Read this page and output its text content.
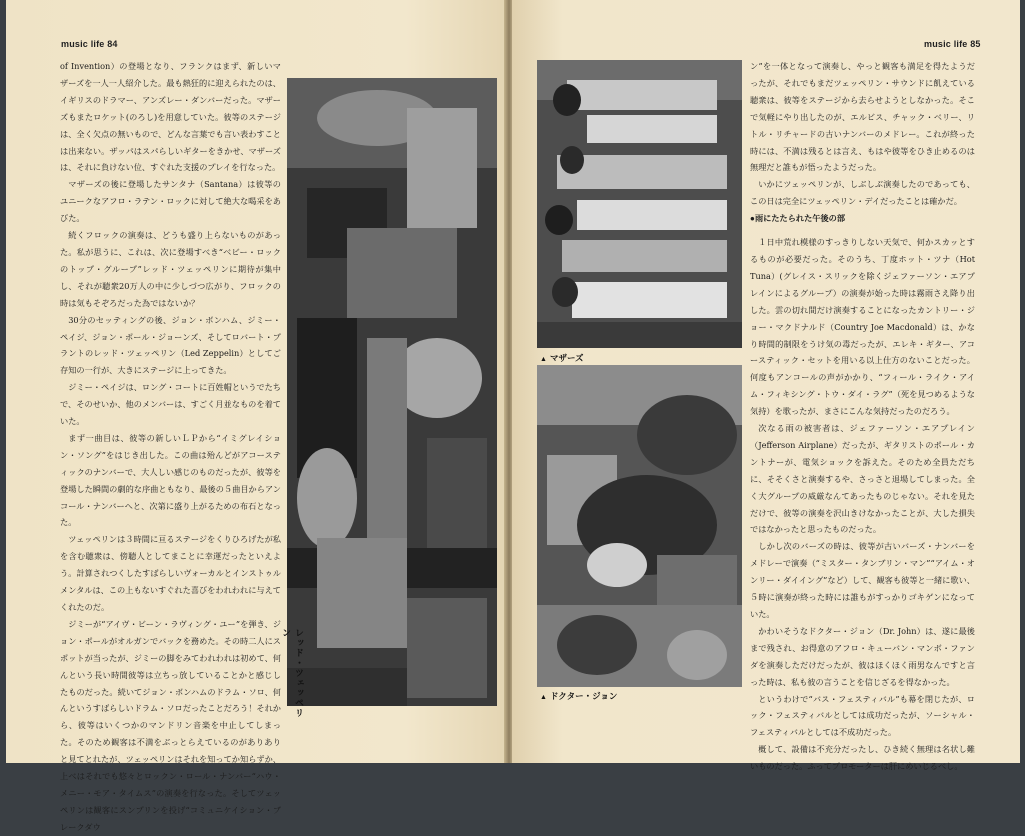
music life 84

of Invention）の登場となり、フランクはまず、新しいマザーズを一人一人紹介した。最も熱狂的に迎えられたのは、イギリスのドラマー、アンズレー・ダンバーだった。マザーズもまたロケット(のろし)を用意していた。彼等のステージは、全く欠点の無いもので、どんな言葉でも言い表わすことは出来ない。ザッパはスパらしいギターをきかせ、マザーズは、それに負けない位、すぐれた支援のプレイを行なった。

マザーズの後に登場したサンタナ（Santana）は彼等のユニークなアフロ・ラテン・ロックに対して絶大な喝采をあびた。

続くフロックの演奏は、どうも盛り上らないものがあった。私が思うに、これは、次に登場すべき“ベビー・ロックのトップ・グループ”レッド・ツェッペリンに期待が集中し、それが聴衆20万人の中に少しづつ広がり、フロックの時は気もそぞろだった為ではないか？

30分のセッティングの後、ジョン・ボンハム、ジミー・ペイジ、ジョン・ポール・ジョーンズ、そしてロバート・プラントのレッド・ツェッペリン（Led Zeppelin）としてご存知の一行が、大きにステージに上ってきた。

ジミー・ペイジは、ロング・コートに百姓帽というでたちで、そのせいか、他のメンバーは、すごく月並なものを着ていた。

まず一曲目は、彼等の新しいＬＰから“イミグレイション・ソング”をはじき出した。この曲は殆んどがアコースティックのナンバーで、大人しい感じのものだったが、彼等を登場した瞬間の劇的な序曲ともなり、最後の５曲目からアンコール・ナンバーへと、次第に盛り上がるための布石となった。

ツェッペリンは３時間に亘るステージをくりひろげたが私を含む聴衆は、傍聴人としてまことに幸運だったといえよう。計算されつくしたすばらしいヴォーカルとインストゥルメンタルは、この上もないすぐれた喜びをわれわれに与えてくれたのだ。

ジミーが“アイヴ・ビーン・ラヴィング・ユー”を弾き、ジョン・ポールがオルガンでバックを務めた。その時二人にスポットが当ったが、ジミーの脚をみてわれわれは初めて、何んという長い時間彼等は立ちっ放していることかと感じしたものだった。続いてジョン・ボンハムのドラム・ソロ、何んというすばらしいドラム・ソロだったことだろう！それから、彼等はいくつかのマンドリン音楽を中止してしまった。そのため観客は不満をぶっとらえているのがありありと見てとれたが、ツェッペリンはそれを知ってか知らずか、上べはそれでも悠々とロックン・ロール・ナンバー“ハウ・メニー・モア・タイムス”の演奏を行なった。そしてツェッペリンは観客にスンプリンを投げ“コミュニケイション・ブレークダウ

レッド・ツェッペリン
music life 85
▲ マザーズ
▲ ドクター・ジョン

ン”を一体となって演奏し、やっと観客も満足を得たようだったが、それでもまだツェッペリン・サウンドに飢えている聴衆は、彼等をステージから去らせようとしなかった。そこで気軽にやり出したのが、エルビス、チャック・ベリー、リトル・リチャードの古いナンバーのメドレー。これが終った時には、不満は残るとは言え、もはや彼等をひき止めるのは無理だと誰もが悟ったようだった。

いかにツェッペリンが、しぶしぶ演奏したのであっても、この日は完全にツェッペリン・デイだったことは確かだ。

●雨にたたられた午後の部

１日中荒れ模様のすっきりしない天気で、何かスカッとするものが必要だった。そのうち、丁度ホット・ツナ（Hot Tuna）(グレイス・スリックを除くジェファーソン・エアプレインによるグループ）の演奏が始った時は霧雨さえ降り出した。雲の切れ間だけ演奏することになったカントリー・ジョー・マクドナルド（Country Joe Macdonald）は、かなり時間的制限をうけ気の毒だったが、エレキ・ギター、アコースティック・セットを用いる以上仕方のないことだった。何度もアンコールの声がかかり、“フィール・ライク・アイム・フィキシング・トウ・ダイ・ラグ”（死を見つめるような気持）を歌ったが、まさにこんな気持だったのだろう。

次なる雨の被害者は、ジェファーソン・エアプレイン（Jefferson Airplane）だったが、ギタリストのポール・カントナーが、電気ショックを訴えた。そのため全員ただちに、そそくさと演奏するや、さっさと退場してしまった。全く大グループの威厳なんてあったものじゃない。それを見ただけで、彼等の演奏を沢山きけなかったことが、大した損失ではなかったと思ったものだった。

しかし次のバーズの時は、彼等が古いバーズ・ナンバーをメドレーで演奏（“ミスター・タンブリン・マン”“アイム・オンリー・ダイイング”など）して、観客も彼等と一緒に歌い、５時に演奏が終った時には誰もがすっかりゴキゲンになっていた。

かわいそうなドクター・ジョン（Dr. John）は、遂に最後まで残され、お得意のアフロ・キューバン・マンボ・ファンダを演奏しただけだったが、彼はほくほく雨男なんですと言った時は、私も彼の言うことを信じざるを得なかった。

というわけで“バス・フェスティバル”も幕を閉じたが、ロック・フェスティバルとしては成功だったが、ソーシャル・フェスティバルとしては不成功だった。

概して、設備は不充分だったし、ひき続く無理は名状し難いものだった。ふってプロモーターは肝にめいじるべし。
